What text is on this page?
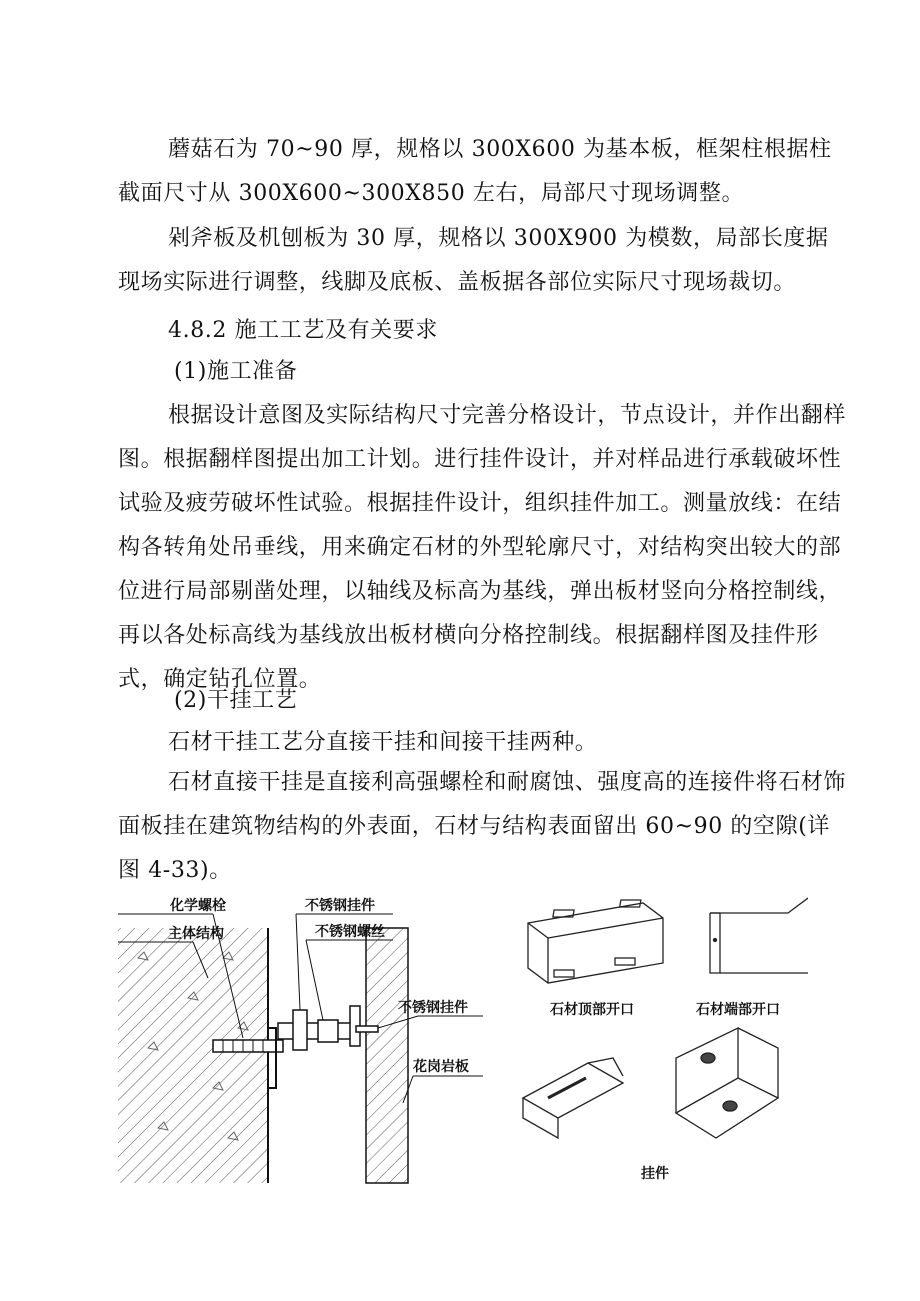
蘑菇石为 70~90 厚，规格以 300X600 为基本板，框架柱根据柱截面尺寸从 300X600~300X850 左右，局部尺寸现场调整。
剁斧板及机刨板为 30 厚，规格以 300X900 为模数，局部长度据现场实际进行调整，线脚及底板、盖板据各部位实际尺寸现场裁切。
4.8.2 施工工艺及有关要求
(1)施工准备
根据设计意图及实际结构尺寸完善分格设计，节点设计，并作出翻样图。根据翻样图提出加工计划。进行挂件设计，并对样品进行承载破坏性试验及疲劳破坏性试验。根据挂件设计，组织挂件加工。测量放线：在结构各转角处吊垂线，用来确定石材的外型轮廓尺寸，对结构突出较大的部位进行局部剔凿处理，以轴线及标高为基线，弹出板材竖向分格控制线，再以各处标高线为基线放出板材横向分格控制线。根据翻样图及挂件形式，确定钻孔位置。
(2)干挂工艺
石材干挂工艺分直接干挂和间接干挂两种。
石材直接干挂是直接利高强螺栓和耐腐蚀、强度高的连接件将石材饰面板挂在建筑物结构的外表面，石材与结构表面留出 60~90 的空隙(详图 4-33)。
化学螺栓
主体结构
不锈钢挂件
不锈钢螺丝
不锈钢挂件
花岗岩板
石材顶部开口	石材端部开口
挂件
